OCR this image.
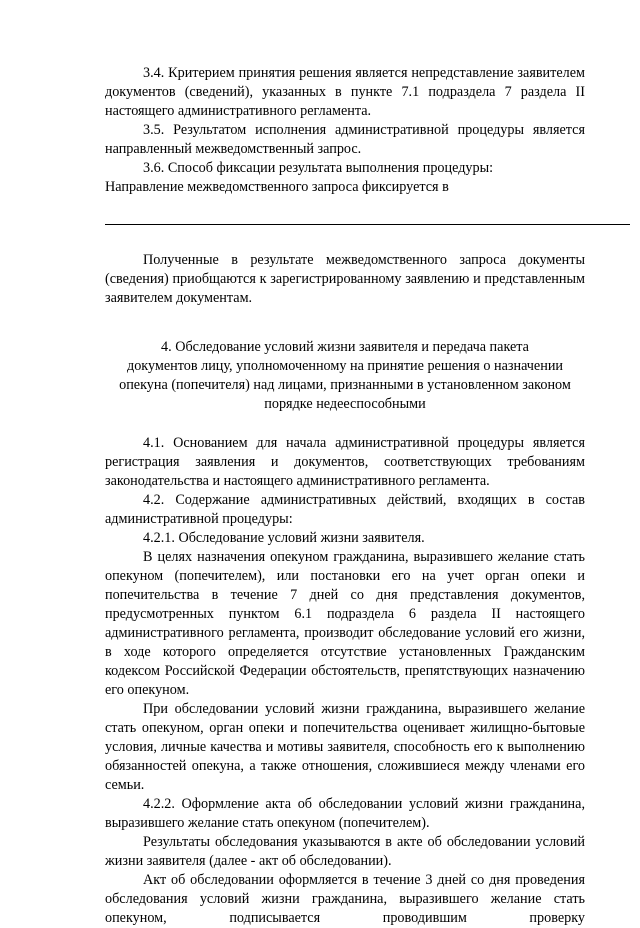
3.4. Критерием принятия решения является непредставление заявителем документов (сведений), указанных в пункте 7.1 подраздела 7 раздела II настоящего административного регламента.

3.5. Результатом исполнения административной процедуры является направленный межведомственный запрос.

3.6. Способ фиксации результата выполнения процедуры:

Направление межведомственного запроса фиксируется в

Полученные в результате межведомственного запроса документы (сведения) приобщаются к зарегистрированному заявлению и представленным заявителем документам.

4. Обследование условий жизни заявителя и передача пакета
документов лицу, уполномоченному на принятие решения о назначении
опекуна (попечителя) над лицами, признанными в установленном законом
порядке недееспособными

4.1. Основанием для начала административной процедуры является регистрация заявления и документов, соответствующих требованиям законодательства и настоящего административного регламента.

4.2. Содержание административных действий, входящих в состав административной процедуры:

4.2.1. Обследование условий жизни заявителя.

В целях назначения опекуном гражданина, выразившего желание стать опекуном (попечителем), или постановки его на учет орган опеки и попечительства в течение 7 дней со дня представления документов, предусмотренных пунктом 6.1 подраздела 6 раздела II настоящего административного регламента, производит обследование условий его жизни, в ходе которого определяется отсутствие установленных Гражданским кодексом Российской Федерации обстоятельств, препятствующих назначению его опекуном.

При обследовании условий жизни гражданина, выразившего желание стать опекуном, орган опеки и попечительства оценивает жилищно-бытовые условия, личные качества и мотивы заявителя, способность его к выполнению обязанностей опекуна, а также отношения, сложившиеся между членами его семьи.

4.2.2. Оформление акта об обследовании условий жизни гражданина, выразившего желание стать опекуном (попечителем).

Результаты обследования указываются в акте об обследовании условий жизни заявителя (далее - акт об обследовании).

Акт об обследовании оформляется в течение 3 дней со дня проведения обследования условий жизни гражданина, выразившего желание стать опекуном, подписывается проводившим проверку
